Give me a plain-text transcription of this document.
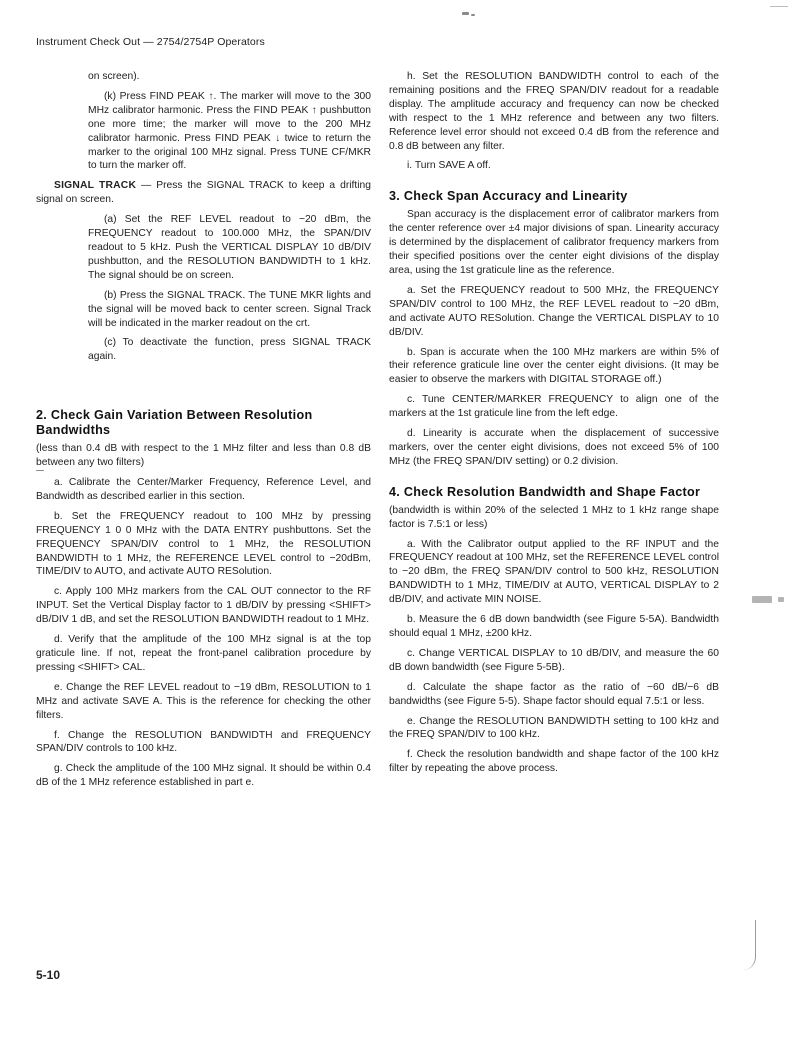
Instrument Check Out — 2754/2754P Operators

on screen).

(k) Press FIND PEAK ↑. The marker will move to the 300 MHz calibrator harmonic. Press the FIND PEAK ↑ pushbutton one more time; the marker will move to the 200 MHz calibrator harmonic. Press FIND PEAK ↓ twice to return the marker to the original 100 MHz signal. Press TUNE CF/MKR to turn the marker off.

SIGNAL TRACK — Press the SIGNAL TRACK to keep a drifting signal on screen.

(a) Set the REF LEVEL readout to −20 dBm, the FREQUENCY readout to 100.000 MHz, the SPAN/DIV readout to 5 kHz. Push the VERTICAL DISPLAY 10 dB/DIV pushbutton, and the RESOLUTION BANDWIDTH to 1 kHz. The signal should be on screen.

(b) Press the SIGNAL TRACK. The TUNE MKR lights and the signal will be moved back to center screen. Signal Track will be indicated in the marker readout on the crt.

(c) To deactivate the function, press SIGNAL TRACK again.

2. Check Gain Variation Between Resolution Bandwidths

(less than 0.4 dB with respect to the 1 MHz filter and less than 0.8 dB between any two filters)

a. Calibrate the Center/Marker Frequency, Reference Level, and Bandwidth as described earlier in this section.

b. Set the FREQUENCY readout to 100 MHz by pressing FREQUENCY 1 0 0 MHz with the DATA ENTRY pushbuttons. Set the FREQUENCY SPAN/DIV control to 1 MHz, the RESOLUTION BANDWIDTH to 1 MHz, the REFERENCE LEVEL control to −20dBm, TIME/DIV to AUTO, and activate AUTO RESolution.

c. Apply 100 MHz markers from the CAL OUT connector to the RF INPUT. Set the Vertical Display factor to 1 dB/DIV by pressing <SHIFT> dB/DIV 1 dB, and set the RESOLUTION BANDWIDTH readout to 1 MHz.

d. Verify that the amplitude of the 100 MHz signal is at the top graticule line. If not, repeat the front-panel calibration procedure by pressing <SHIFT> CAL.

e. Change the REF LEVEL readout to −19 dBm, RESOLUTION to 1 MHz and activate SAVE A. This is the reference for checking the other filters.

f. Change the RESOLUTION BANDWIDTH and FREQUENCY SPAN/DIV controls to 100 kHz.

g. Check the amplitude of the 100 MHz signal. It should be within 0.4 dB of the 1 MHz reference established in part e.

h. Set the RESOLUTION BANDWIDTH control to each of the remaining positions and the FREQ SPAN/DIV readout for a readable display. The amplitude accuracy and frequency can now be checked with respect to the 1 MHz reference and between any two filters. Reference level error should not exceed 0.4 dB from the reference and 0.8 dB between any filter.

i. Turn SAVE A off.

3. Check Span Accuracy and Linearity

Span accuracy is the displacement error of calibrator markers from the center reference over ±4 major divisions of span. Linearity accuracy is determined by the displacement of calibrator frequency markers from their specified positions over the center eight divisions of the display area, using the 1st graticule line as the reference.

a. Set the FREQUENCY readout to 500 MHz, the FREQUENCY SPAN/DIV control to 100 MHz, the REF LEVEL readout to −20 dBm, and activate AUTO RESolution. Change the VERTICAL DISPLAY to 10 dB/DIV.

b. Span is accurate when the 100 MHz markers are within 5% of their reference graticule line over the center eight divisions. (It may be easier to observe the markers with DIGITAL STORAGE off.)

c. Tune CENTER/MARKER FREQUENCY to align one of the markers at the 1st graticule line from the left edge.

d. Linearity is accurate when the displacement of successive markers, over the center eight divisions, does not exceed 5% of 100 MHz (the FREQ SPAN/DIV setting) or 0.2 division.

4. Check Resolution Bandwidth and Shape Factor

(bandwidth is within 20% of the selected 1 MHz to 1 kHz range shape factor is 7.5:1 or less)

a. With the Calibrator output applied to the RF INPUT and the FREQUENCY readout at 100 MHz, set the REFERENCE LEVEL control to −20 dBm, the FREQ SPAN/DIV control to 500 kHz, RESOLUTION BANDWIDTH to 1 MHz, TIME/DIV at AUTO, VERTICAL DISPLAY to 2 dB/DIV, and activate MIN NOISE.

b. Measure the 6 dB down bandwidth (see Figure 5-5A). Bandwidth should equal 1 MHz, ±200 kHz.

c. Change VERTICAL DISPLAY to 10 dB/DIV, and measure the 60 dB down bandwidth (see Figure 5-5B).

d. Calculate the shape factor as the ratio of −60 dB/−6 dB bandwidths (see Figure 5-5). Shape factor should equal 7.5:1 or less.

e. Change the RESOLUTION BANDWIDTH setting to 100 kHz and the FREQ SPAN/DIV to 100 kHz.

f. Check the resolution bandwidth and shape factor of the 100 kHz filter by repeating the above process.

5-10
